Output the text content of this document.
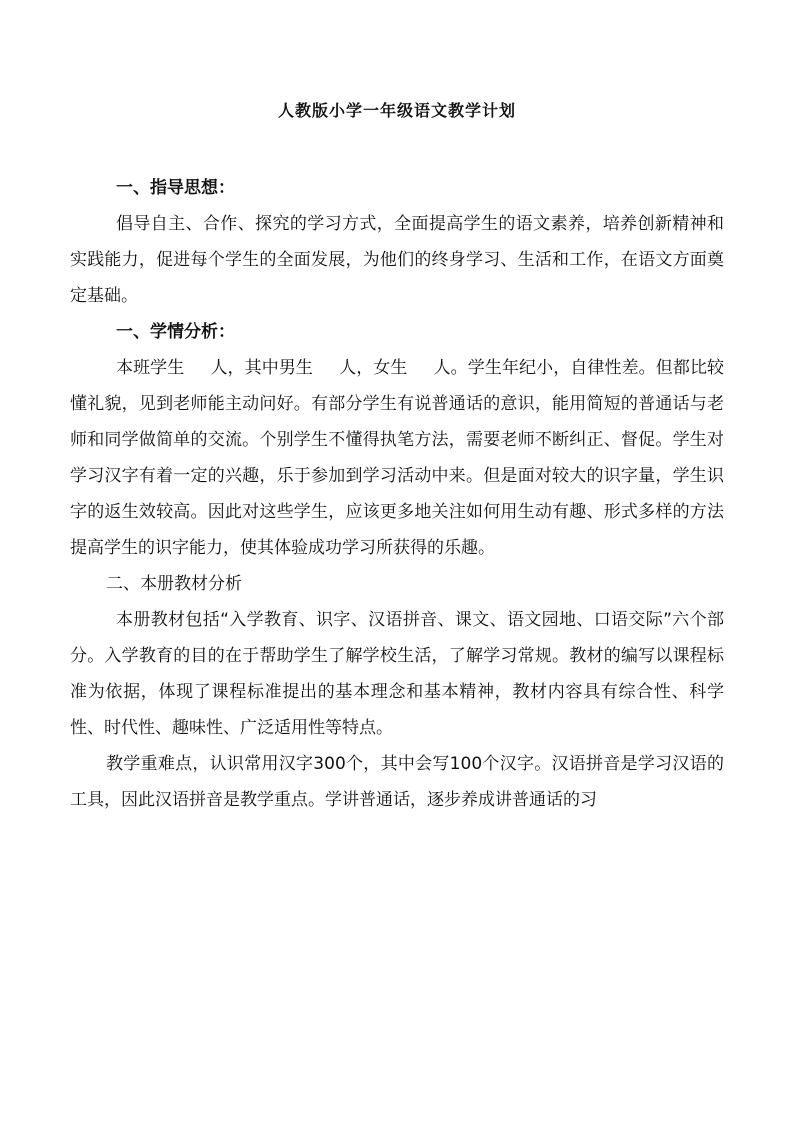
人教版小学一年级语文教学计划

一、指导思想：

倡导自主、合作、探究的学习方式，全面提高学生的语文素养，培养创新精神和实践能力，促进每个学生的全面发展，为他们的终身学习、生活和工作，在语文方面奠定基础。

一、学情分析：

本班学生 人，其中男生 人，女生 人。学生年纪小，自律性差。但都比较懂礼貌，见到老师能主动问好。有部分学生有说普通话的意识，能用简短的普通话与老师和同学做简单的交流。个别学生不懂得执笔方法，需要老师不断纠正、督促。学生对学习汉字有着一定的兴趣，乐于参加到学习活动中来。但是面对较大的识字量，学生识字的返生效较高。因此对这些学生，应该更多地关注如何用生动有趣、形式多样的方法提高学生的识字能力，使其体验成功学习所获得的乐趣。

二、本册教材分析

本册教材包括“入学教育、识字、汉语拼音、课文、语文园地、口语交际”六个部分。入学教育的目的在于帮助学生了解学校生活，了解学习常规。教材的编写以课程标准为依据，体现了课程标准提出的基本理念和基本精神，教材内容具有综合性、科学性、时代性、趣味性、广泛适用性等特点。

教学重难点，认识常用汉字300个，其中会写100个汉字。汉语拼音是学习汉语的工具，因此汉语拼音是教学重点。学讲普通话，逐步养成讲普通话的习
